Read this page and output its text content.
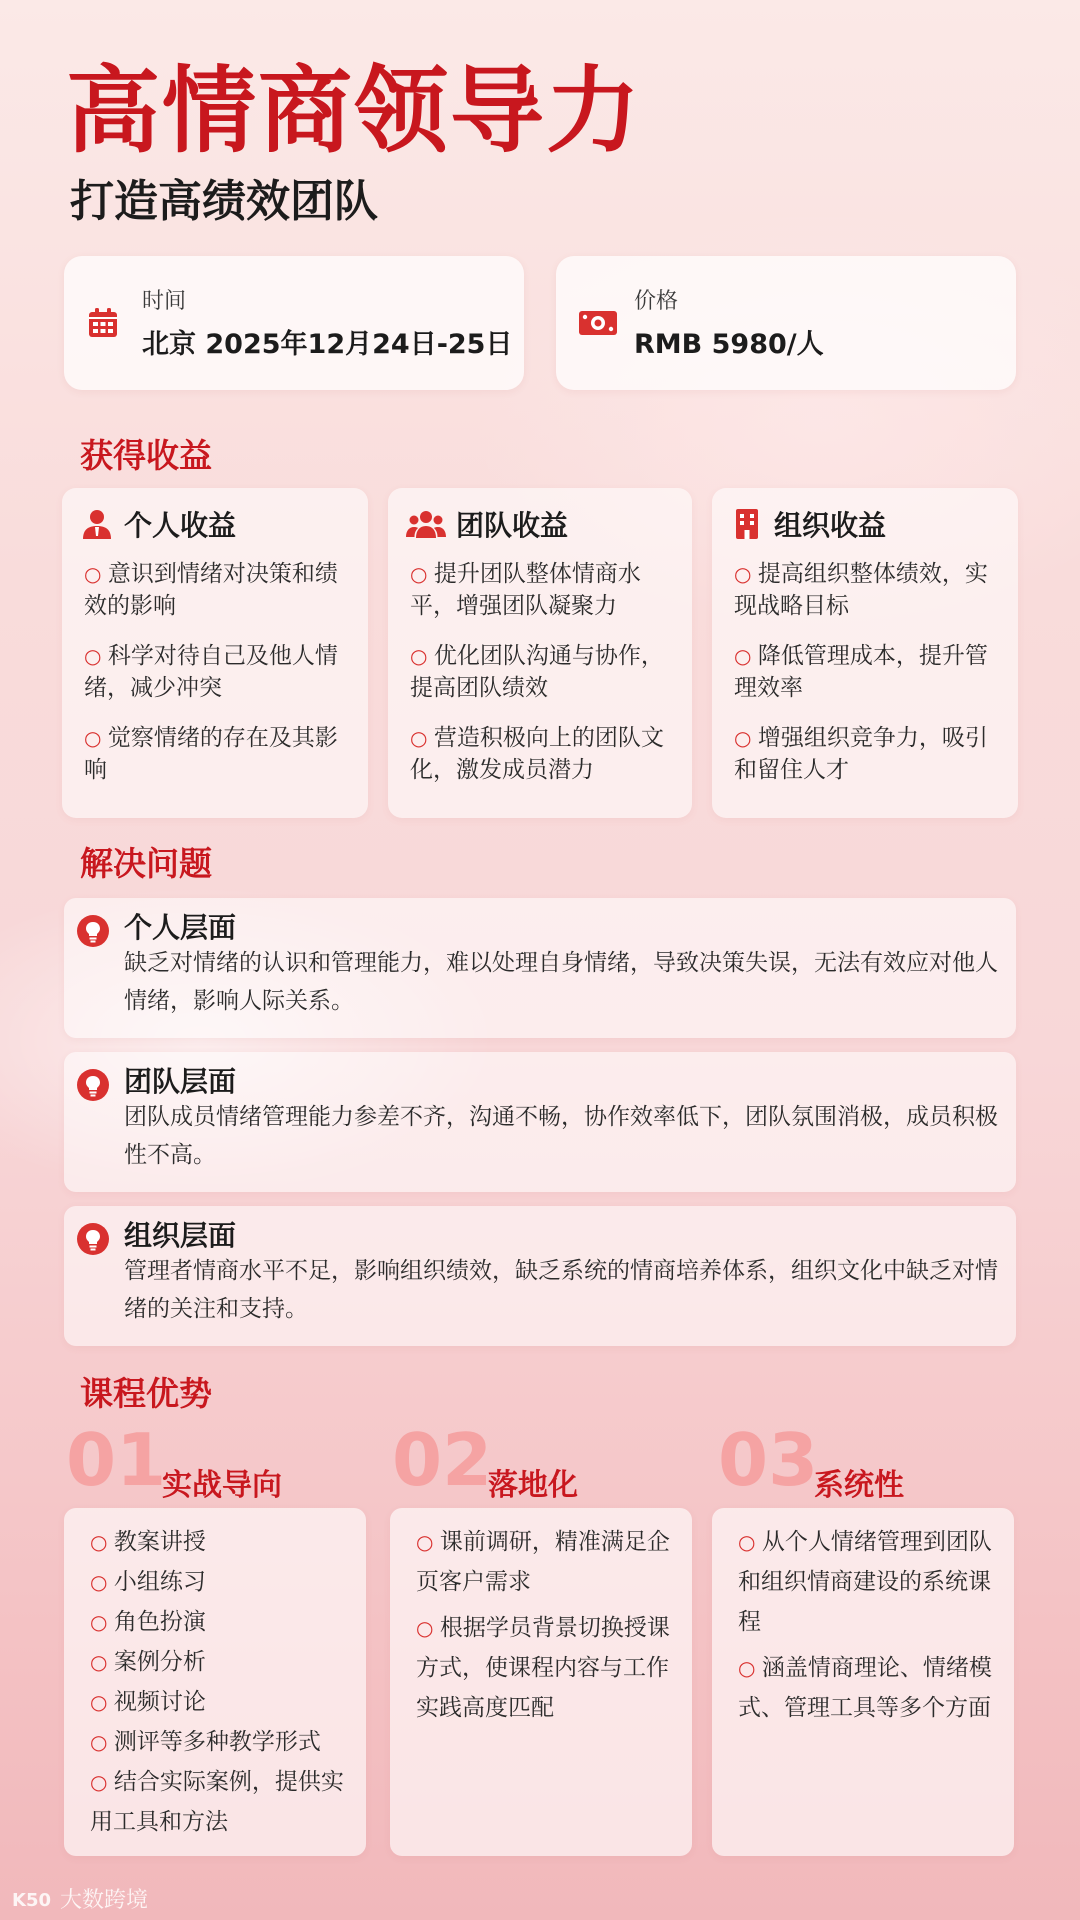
高情商领导力
打造高绩效团队
时间
北京 2025年12月24日-25日
价格
RMB 5980/人
获得收益
个人收益
○ 意识到情绪对决策和绩效的影响
○ 科学对待自己及他人情绪，减少冲突
○ 觉察情绪的存在及其影响
团队收益
○ 提升团队整体情商水平，增强团队凝聚力
○ 优化团队沟通与协作，提高团队绩效
○ 营造积极向上的团队文化，激发成员潜力
组织收益
○ 提高组织整体绩效，实现战略目标
○ 降低管理成本，提升管理效率
○ 增强组织竞争力，吸引和留住人才
解决问题
个人层面
缺乏对情绪的认识和管理能力，难以处理自身情绪，导致决策失误，无法有效应对他人情绪，影响人际关系。
团队层面
团队成员情绪管理能力参差不齐，沟通不畅，协作效率低下，团队氛围消极，成员积极性不高。
组织层面
管理者情商水平不足，影响组织绩效，缺乏系统的情商培养体系，组织文化中缺乏对情绪的关注和支持。
课程优势
01
实战导向
○ 教案讲授
○ 小组练习
○ 角色扮演
○ 案例分析
○ 视频讨论
○ 测评等多种教学形式
○ 结合实际案例，提供实用工具和方法
02
落地化
○ 课前调研，精准满足企页客户需求
○ 根据学员背景切换授课方式，使课程内容与工作实践高度匹配
03
系统性
○ 从个人情绪管理到团队和组织情商建设的系统课程
○ 涵盖情商理论、情绪模式、管理工具等多个方面
K50 大数跨境
